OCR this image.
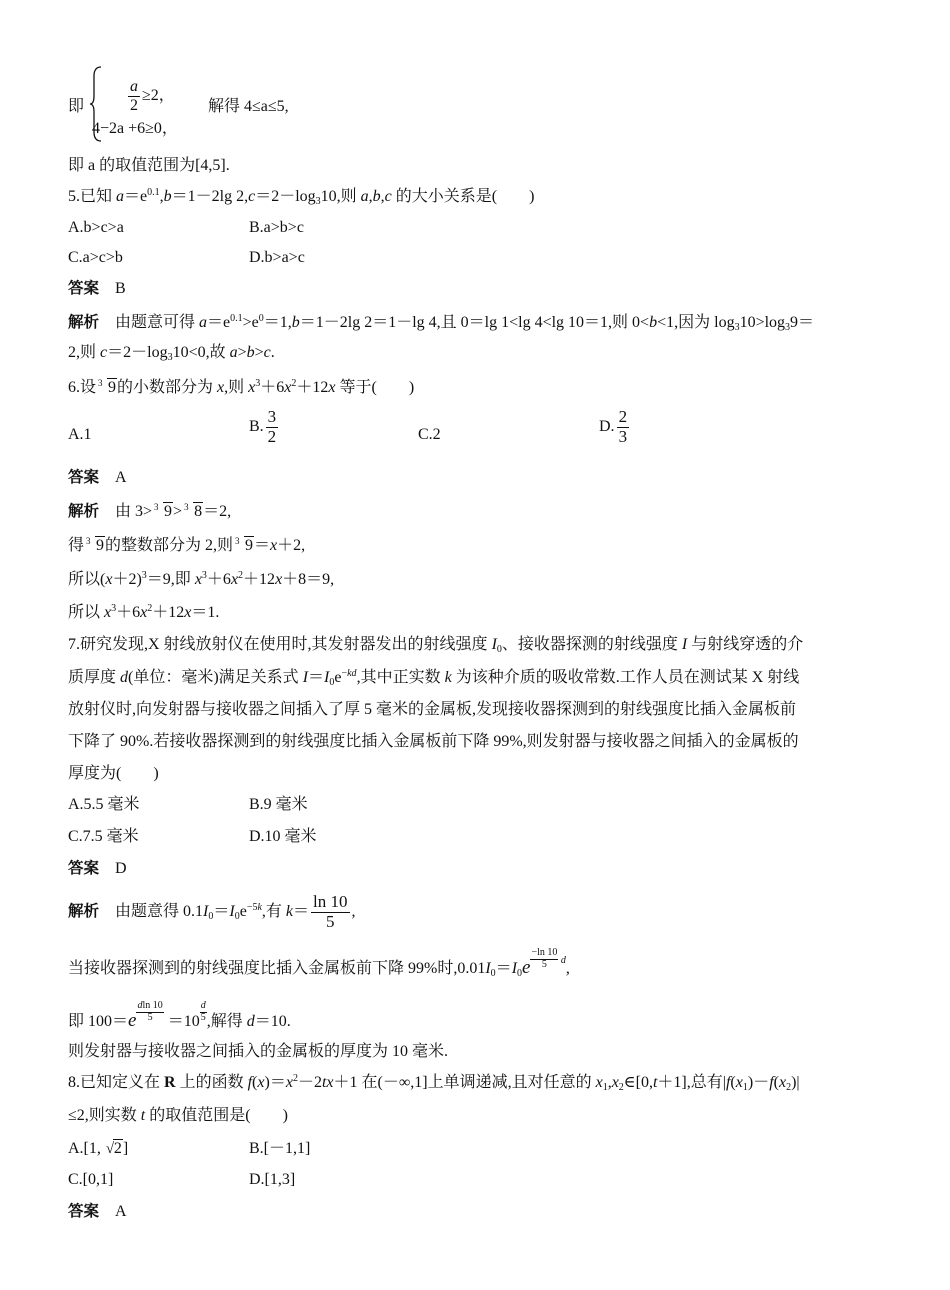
即	$\frac{a}{2} \ge 2$，
4−2a +6≥0，
解得 4≤a≤5,
即 a 的取值范围为[4,5].
5.已知 $a=e^{0.1},b=1-2\lg$ $2,c=2-\log_310$,则 a,b,c 的大小关系是(　　)
A.b>c>a	B.a>b>c
C.a>c>b	D.b>a>c
答案 B
解析 由题意可得 $a=e^{0.1}>e^0=1,b=1-2\lg$ 2＝1－lg 4,且 0＝lg 1<lg 4<lg 10＝1,则 0<b<1,因为 $\log_310>\log_39=$
2,则 $c=2-\log_310<0$,故 a>b>c.
6.设 3 9的小数部分为 x,则 $x^3+6x^2+12x$ 等于(　　)
A.1	B. $\frac{3}{2}$	C.2	D. $\frac{2}{3}$
答案 A
解析 由 3> 3 9> 3 8＝2,
得 3 9的整数部分为 2,则 3 9＝x＋2,
所以$(x+2)^3=9$,即 $x^3+6x^2+12x+8=9$,
所以 $x^3+6x^2+12x=1$.
7.研究发现,X 射线放射仪在使用时,其发射器发出的射线强度 $I_0$、接收器探测的射线强度 I 与射线穿透的介
质厚度 d(单位：毫米)满足关系式 $I=I_0e^{-kd}$,其中正实数 k 为该种介质的吸收常数.工作人员在测试某 X 射线
放射仪时,向发射器与接收器之间插入了厚 5 毫米的金属板,发现接收器探测到的射线强度比插入金属板前
下降了 90%.若接收器探测到的射线强度比插入金属板前下降 99%,则发射器与接收器之间插入的金属板的
厚度为(　　)
A.5.5 毫米	B.9 毫米
C.7.5 毫米	D.10 毫米
答案 D
解析 由题意得 $0.1I_0=I_0e^{-5k}$,有 $k= \frac{\ln 10}{5}$ ,
当接收器探测到的射线强度比插入金属板前下降 99%时$,0.01I_0=I_0e \frac{-\ln 10}{5} d$,
即 $100=e \frac{dln 10}{5} =10 \frac{d}{5}$ ,解得 d＝10.
则发射器与接收器之间插入的金属板的厚度为 10 毫米.
8.已知定义在 R 上的函数 $f(x)=x^2-2tx+1$ 在(－∞,1]上单调递减,且对任意的 $x_1,x_2\in[0,t+1]$,总有$|f(x_1)-f(x_2)|$
≤2,则实数 t 的取值范围是(　　)
A.[1, √ 2]	B.[－1,1]
C.[0,1]	D.[1,3]
答案 A
